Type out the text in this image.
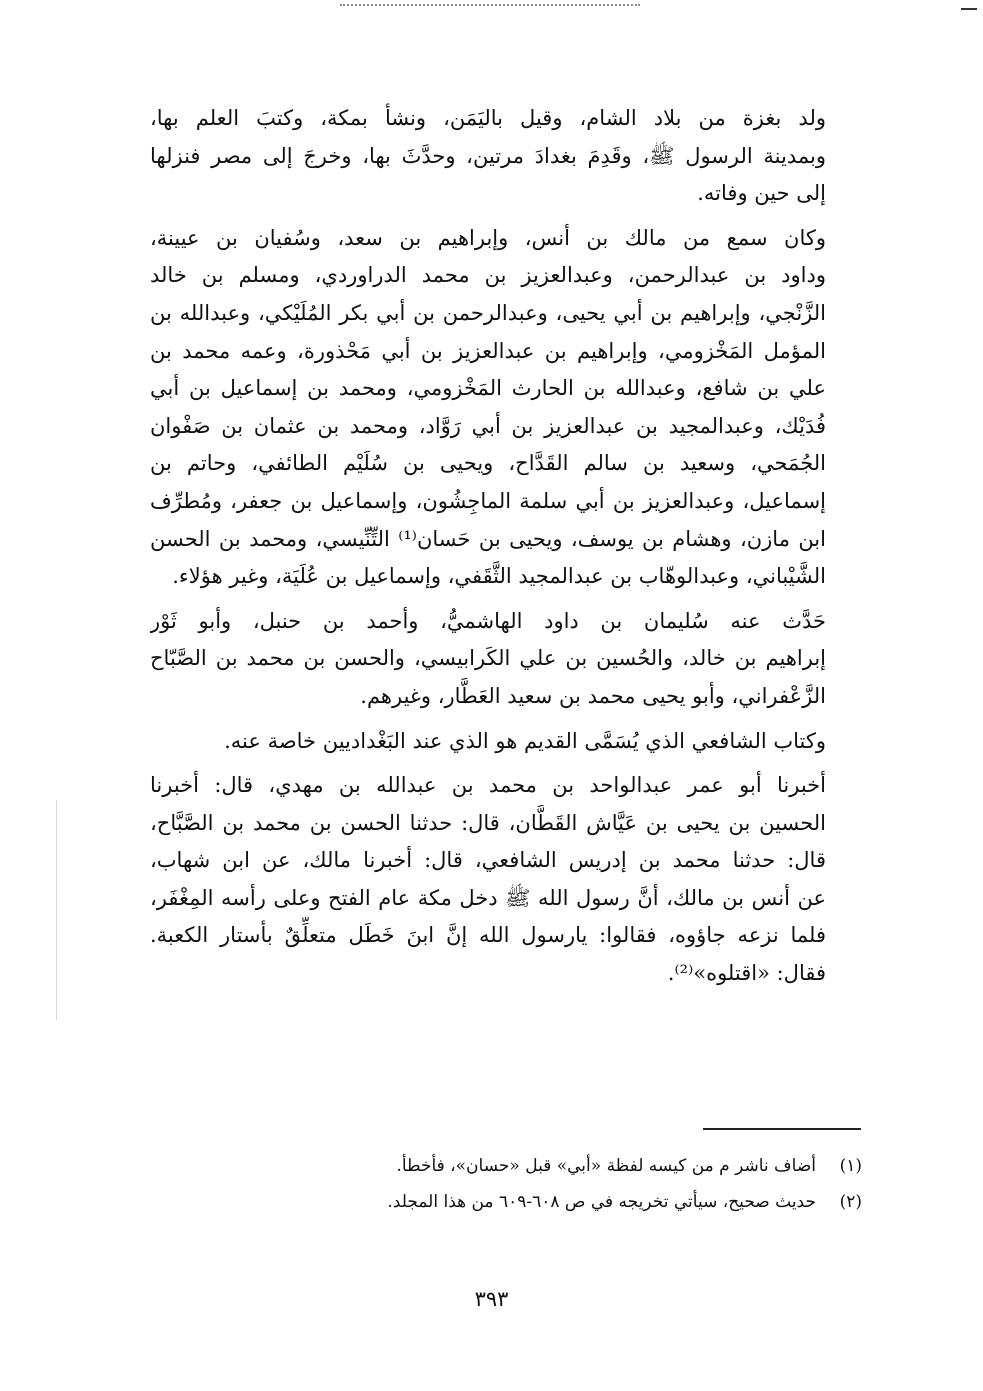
ولد بغزة من بلاد الشام، وقيل باليَمَن، ونشأ بمكة، وكتبَ العلم بها،
وبمدينة الرسول ﷺ، وقَدِمَ بغدادَ مرتين، وحدَّثَ بها، وخرجَ إلى مصر فنزلها
إلى حين وفاته.

وكان سمع من مالك بن أنس، وإبراهيم بن سعد، وسُفيان بن عيينة،
وداود بن عبدالرحمن، وعبدالعزيز بن محمد الدراوردي، ومسلم بن خالد
الزَّنْجي، وإبراهيم بن أبي يحيى، وعبدالرحمن بن أبي بكر المُلَيْكي، وعبدالله بن
المؤمل المَخْزومي، وإبراهيم بن عبدالعزيز بن أبي مَحْذورة، وعمه محمد بن
علي بن شافع، وعبدالله بن الحارث المَخْزومي، ومحمد بن إسماعيل بن أبي
فُدَيْك، وعبدالمجيد بن عبدالعزيز بن أبي رَوَّاد، ومحمد بن عثمان بن صَفْوان
الجُمَحي، وسعيد بن سالم القَدَّاح، ويحيى بن سُلَيْم الطائفي، وحاتم بن
إسماعيل، وعبدالعزيز بن أبي سلمة الماجِشُون، وإسماعيل بن جعفر، ومُطرِّف
ابن مازن، وهشام بن يوسف، ويحيى بن حَسان⁽¹⁾ التِّنِّيسي، ومحمد بن الحسن
الشَّيْباني، وعبدالوهّاب بن عبدالمجيد الثَّقَفي، وإسماعيل بن عُلَيَة، وغير هؤلاء.

حَدَّث عنه سُليمان بن داود الهاشميُّ، وأحمد بن حنبل، وأبو ثَوْر
إبراهيم بن خالد، والحُسين بن علي الكَرابيسي، والحسن بن محمد بن الصَّبّاح
الزَّعْفراني، وأبو يحيى محمد بن سعيد العَطَّار، وغيرهم.

وكتاب الشافعي الذي يُسَمَّى القديم هو الذي عند البَغْداديين خاصة عنه.

أخبرنا أبو عمر عبدالواحد بن محمد بن عبدالله بن مهدي، قال: أخبرنا
الحسين بن يحيى بن عَيَّاش القَطَّان، قال: حدثنا الحسن بن محمد بن الصَّبَّاح،
قال: حدثنا محمد بن إدريس الشافعي، قال: أخبرنا مالك، عن ابن شهاب،
عن أنس بن مالك، أنَّ رسول الله ﷺ دخل مكة عام الفتح وعلى رأسه المِغْفَر،
فلما نزعه جاؤوه، فقالوا: يارسول الله إنَّ ابنَ خَطَل متعلِّقٌ بأستار الكعبة.
فقال: «اقتلوه»⁽²⁾.

(١)
أضاف ناشر م من كيسه لفظة «أبي» قبل «حسان»، فأخطأ.
(٢)
حديث صحيح، سيأتي تخريجه في ص ٦٠٨-٦٠٩ من هذا المجلد.
٣٩٣
